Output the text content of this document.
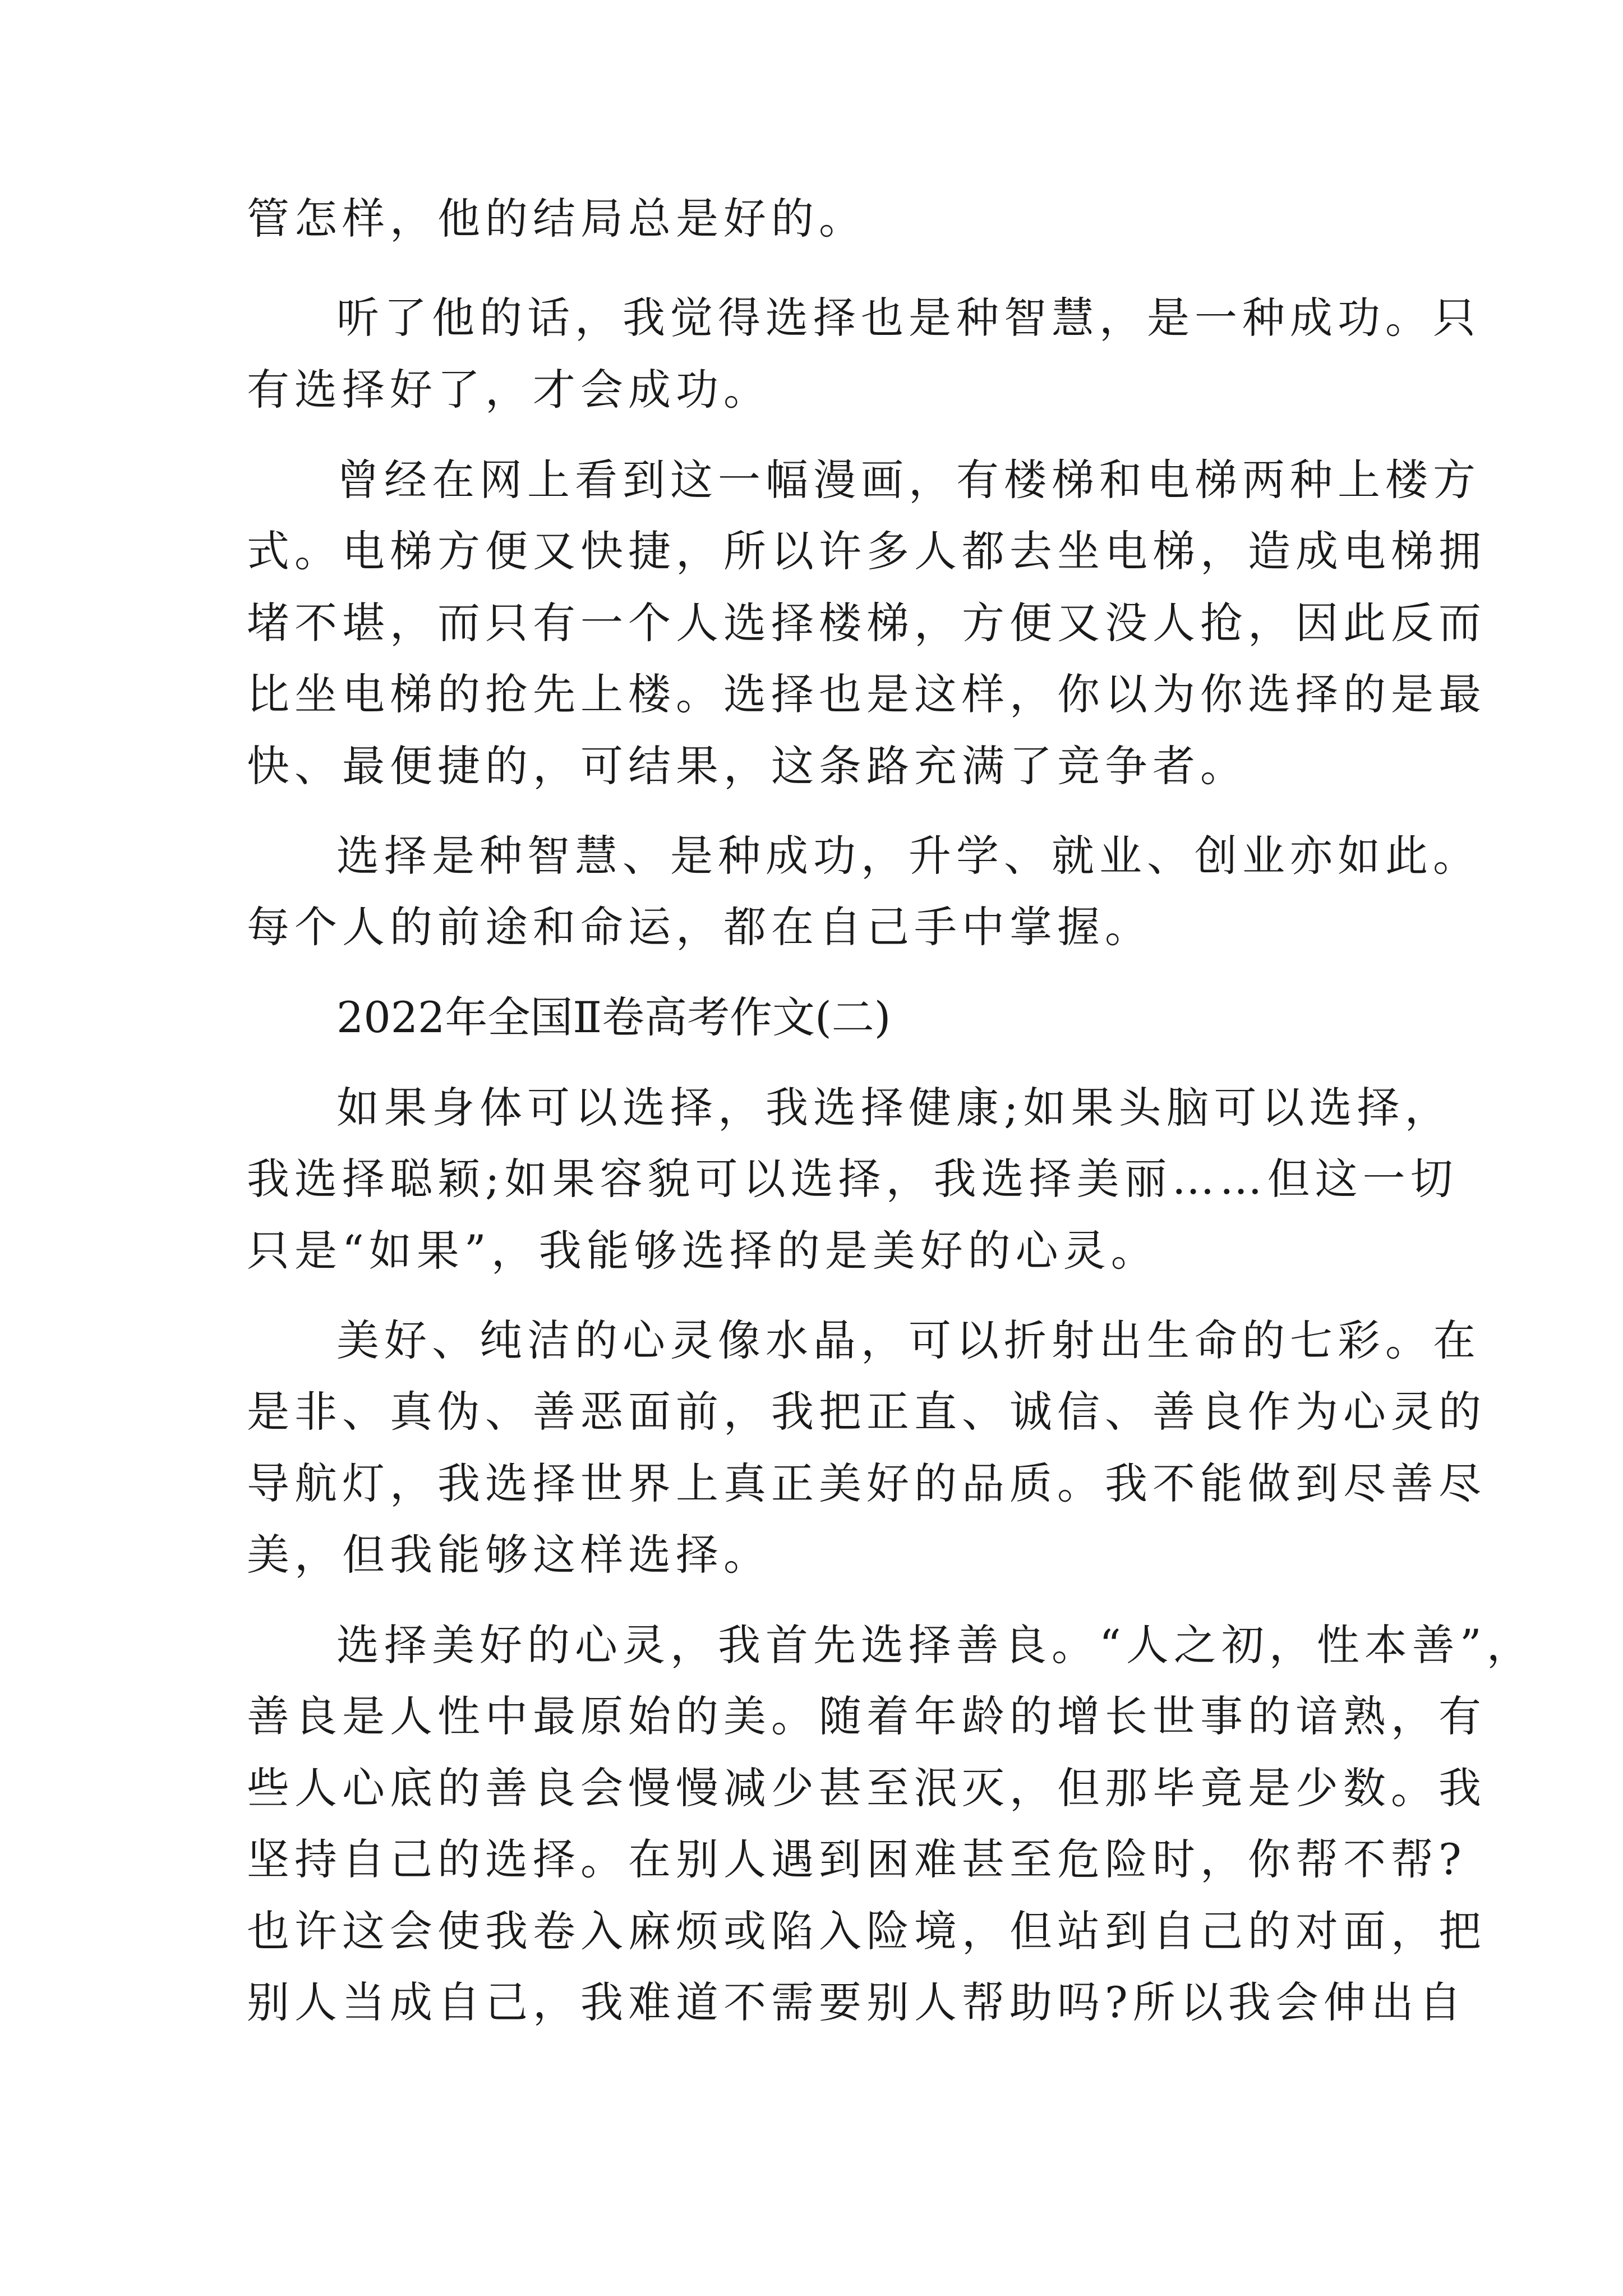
管怎样，他的结局总是好的。
听了他的话，我觉得选择也是种智慧，是一种成功。只
有选择好了，才会成功。
曾经在网上看到这一幅漫画，有楼梯和电梯两种上楼方
式。电梯方便又快捷，所以许多人都去坐电梯，造成电梯拥
堵不堪，而只有一个人选择楼梯，方便又没人抢，因此反而
比坐电梯的抢先上楼。选择也是这样，你以为你选择的是最
快、最便捷的，可结果，这条路充满了竞争者。
选择是种智慧、是种成功，升学、就业、创业亦如此。
每个人的前途和命运，都在自己手中掌握。
2022年全国Ⅱ卷高考作文(二)
如果身体可以选择，我选择健康;如果头脑可以选择，
我选择聪颖;如果容貌可以选择，我选择美丽……但这一切
只是“如果”，我能够选择的是美好的心灵。
美好、纯洁的心灵像水晶，可以折射出生命的七彩。在
是非、真伪、善恶面前，我把正直、诚信、善良作为心灵的
导航灯，我选择世界上真正美好的品质。我不能做到尽善尽
美，但我能够这样选择。
选择美好的心灵，我首先选择善良。“人之初，性本善”，
善良是人性中最原始的美。随着年龄的增长世事的谙熟，有
些人心底的善良会慢慢减少甚至泯灭，但那毕竟是少数。我
坚持自己的选择。在别人遇到困难甚至危险时，你帮不帮?
也许这会使我卷入麻烦或陷入险境，但站到自己的对面，把
别人当成自己，我难道不需要别人帮助吗?所以我会伸出自
